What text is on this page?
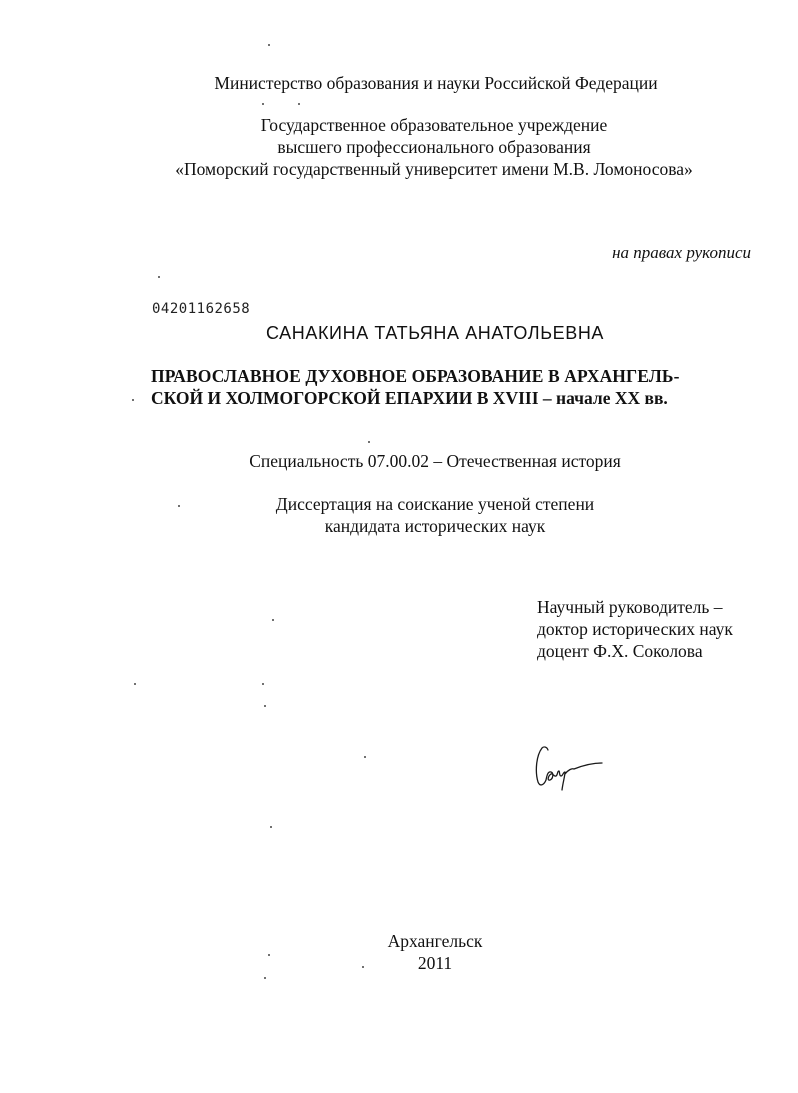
Министерство образования и науки Российской Федерации
Государственное образовательное учреждение
высшего профессионального образования
«Поморский государственный университет имени М.В. Ломоносова»
на правах рукописи
04201162658
САНАКИНА ТАТЬЯНА АНАТОЛЬЕВНА
ПРАВОСЛАВНОЕ ДУХОВНОЕ ОБРАЗОВАНИЕ В АРХАНГЕЛЬ-
СКОЙ И ХОЛМОГОРСКОЙ ЕПАРХИИ В XVIII – начале XX вв.
Специальность 07.00.02 – Отечественная история
Диссертация на соискание ученой степени
кандидата исторических наук
Научный руководитель –
доктор исторических наук
доцент Ф.Х. Соколова
Архангельск
2011
